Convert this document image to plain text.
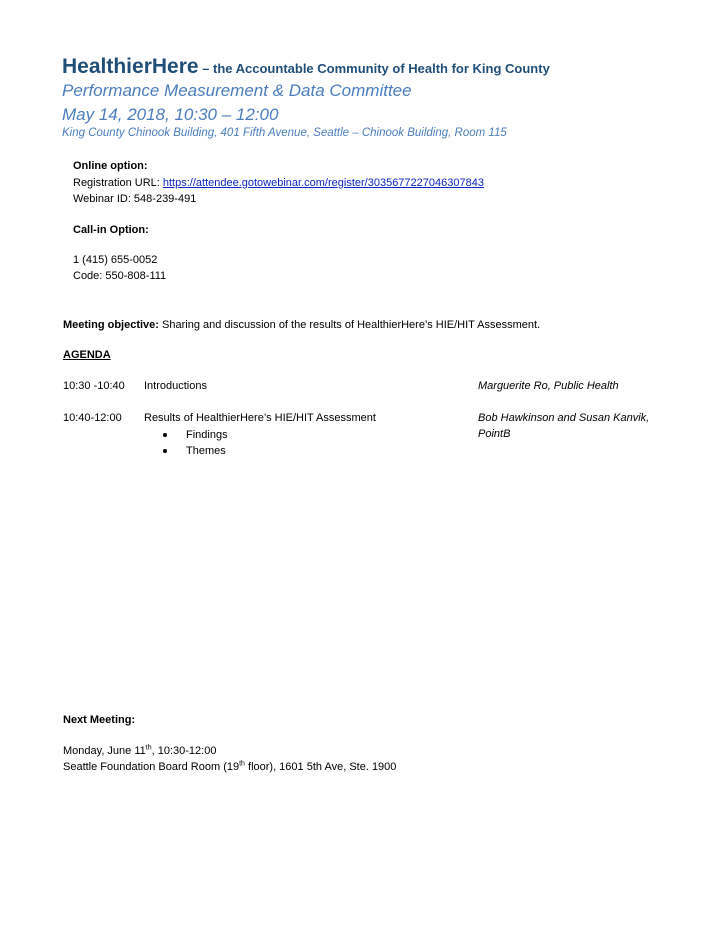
HealthierHere – the Accountable Community of Health for King County
Performance Measurement & Data Committee
May 14, 2018, 10:30 – 12:00
King County Chinook Building, 401 Fifth Avenue, Seattle – Chinook Building, Room 115
Online option:
Registration URL: https://attendee.gotowebinar.com/register/3035677227046307843
Webinar ID: 548-239-491
Call-in Option:
1 (415) 655-0052
Code: 550-808-111
Meeting objective: Sharing and discussion of the results of HealthierHere’s HIE/HIT Assessment.
AGENDA
10:30 -10:40 Introductions	Marguerite Ro, Public Health
10:40-12:00 Results of HealthierHere’s HIE/HIT Assessment	Bob Hawkinson and Susan Kanvik,
PointB
Findings
Themes
Next Meeting:
Monday, June 11th, 10:30-12:00
Seattle Foundation Board Room (19th floor), 1601 5th Ave, Ste. 1900
